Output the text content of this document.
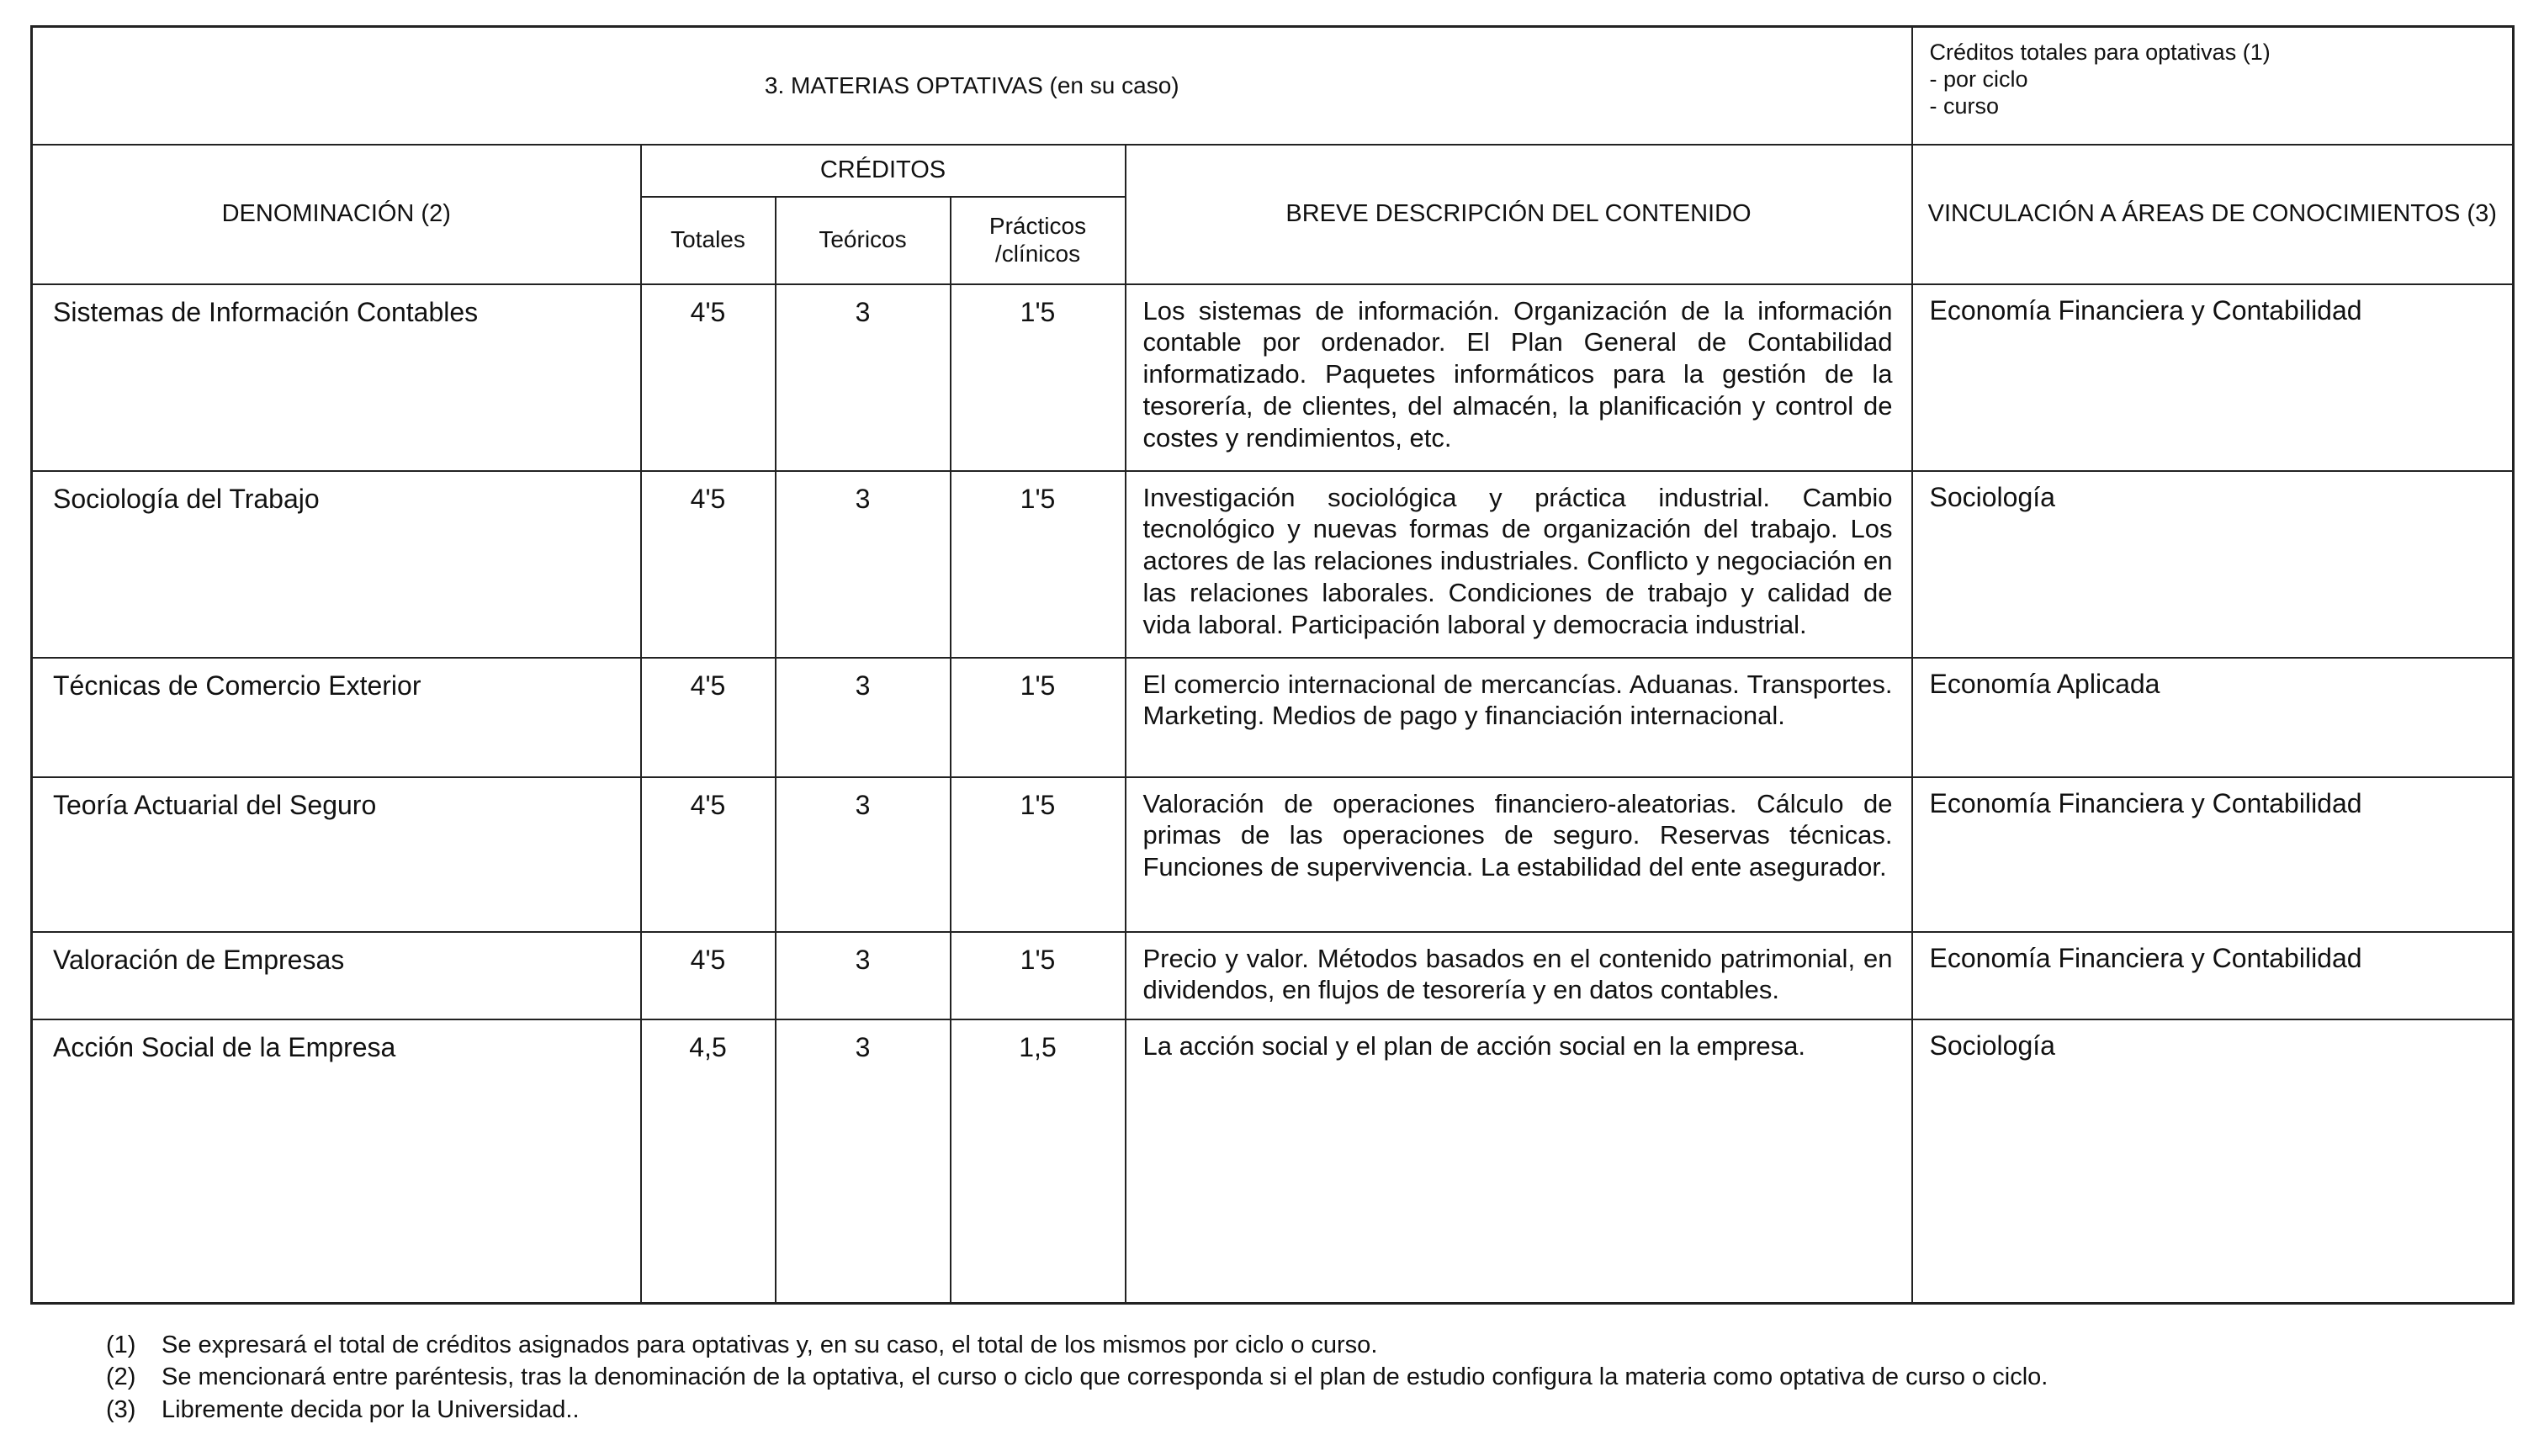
3. MATERIAS OPTATIVAS (en su caso)					Créditos totales para optativas (1)
- por ciclo
- curso

DENOMINACIÓN (2)	CRÉDITOS			BREVE DESCRIPCIÓN DEL CONTENIDO	VINCULACIÓN A ÁREAS DE CONOCIMIENTOS (3)
	Totales	Teóricos	Prácticos /clínicos		
Sistemas de Información Contables	4'5	3	1'5	Los sistemas de información. Organización de la información contable por ordenador. El Plan General de Contabilidad informatizado. Paquetes informáticos para la gestión de la tesorería, de clientes, del almacén, la planificación y control de costes y rendimientos, etc.	Economía Financiera y Contabilidad
Sociología del Trabajo	4'5	3	1'5	Investigación sociológica y práctica industrial. Cambio tecnológico y nuevas formas de organización del trabajo. Los actores de las relaciones industriales. Conflicto y negociación en las relaciones laborales. Condiciones de trabajo y calidad de vida laboral. Participación laboral y democracia industrial.	Sociología
Técnicas de Comercio Exterior	4'5	3	1'5	El comercio internacional de mercancías. Aduanas. Transportes. Marketing. Medios de pago y financiación internacional.	Economía Aplicada
Teoría Actuarial del Seguro	4'5	3	1'5	Valoración de operaciones financiero-aleatorias. Cálculo de primas de las operaciones de seguro. Reservas técnicas. Funciones de supervivencia. La estabilidad del ente asegurador.	Economía Financiera y Contabilidad
Valoración de Empresas	4'5	3	1'5	Precio y valor. Métodos basados en el contenido patrimonial, en dividendos, en flujos de tesorería y en datos contables.	Economía Financiera y Contabilidad
Acción Social de la Empresa	4,5	3	1,5	La acción social y el plan de acción social en la empresa.	Sociología
(1)	Se expresará el total de créditos asignados para optativas y, en su caso, el total de los mismos por ciclo o curso.
(2)	Se mencionará entre paréntesis, tras la denominación de la optativa, el curso o ciclo que corresponda si el plan de estudio configura la materia como optativa de curso o ciclo.
(3)	Libremente decida por la Universidad..
